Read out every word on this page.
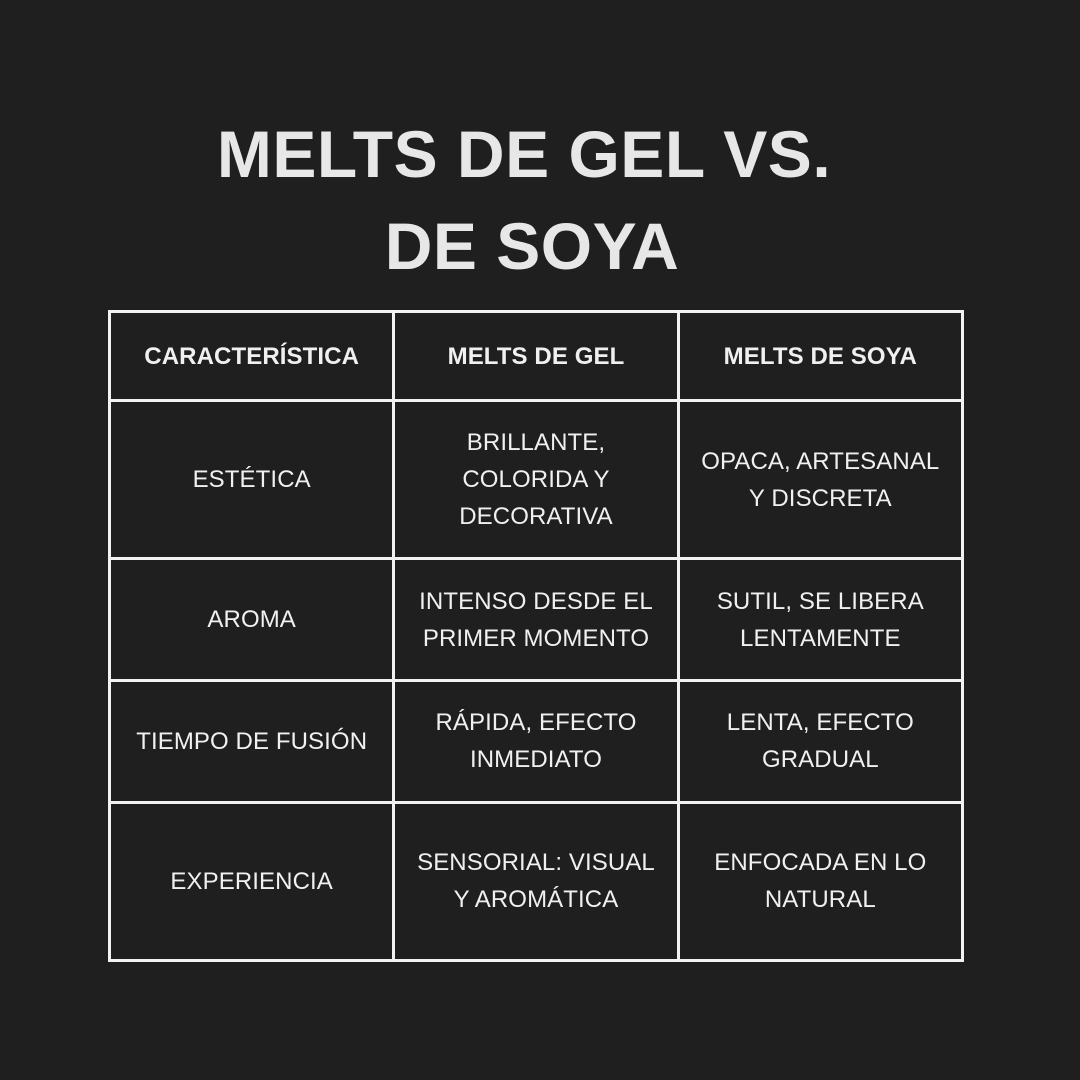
MELTS DE GEL VS.
DE SOYA
CARACTERÍSTICA	MELTS DE GEL	MELTS DE SOYA
ESTÉTICA	BRILLANTE, COLORIDA Y DECORATIVA	OPACA, ARTESANAL Y DISCRETA
AROMA	INTENSO DESDE EL PRIMER MOMENTO	SUTIL, SE LIBERA LENTAMENTE
TIEMPO DE FUSIÓN	RÁPIDA, EFECTO INMEDIATO	LENTA, EFECTO GRADUAL
EXPERIENCIA	SENSORIAL: VISUAL Y AROMÁTICA	ENFOCADA EN LO NATURAL
